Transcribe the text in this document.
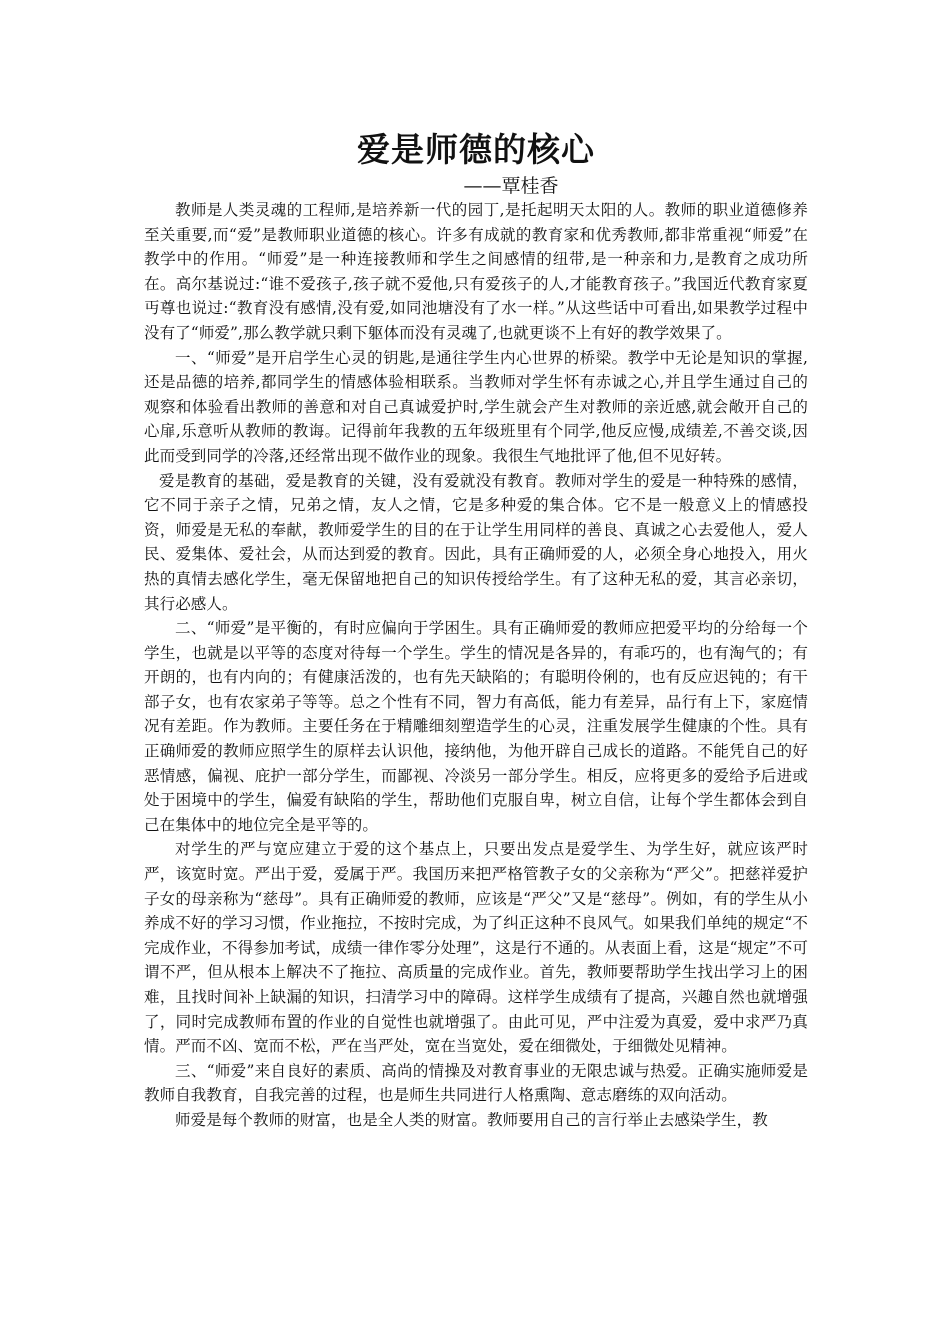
爱是师德的核心
——覃桂香

教师是人类灵魂的工程师,是培养新一代的园丁,是托起明天太阳的人。教师的职业道德修养至关重要,而“爱”是教师职业道德的核心。许多有成就的教育家和优秀教师,都非常重视“师爱”在教学中的作用。“师爱”是一种连接教师和学生之间感情的纽带,是一种亲和力,是教育之成功所在。高尔基说过:“谁不爱孩子,孩子就不爱他,只有爱孩子的人,才能教育孩子。”我国近代教育家夏丏尊也说过:“教育没有感情,没有爱,如同池塘没有了水一样。”从这些话中可看出,如果教学过程中没有了“师爱”,那么教学就只剩下躯体而没有灵魂了,也就更谈不上有好的教学效果了。

一、“师爱”是开启学生心灵的钥匙,是通往学生内心世界的桥梁。教学中无论是知识的掌握,还是品德的培养,都同学生的情感体验相联系。当教师对学生怀有赤诚之心,并且学生通过自己的观察和体验看出教师的善意和对自己真诚爱护时,学生就会产生对教师的亲近感,就会敞开自己的心扉,乐意听从教师的教诲。记得前年我教的五年级班里有个同学,他反应慢,成绩差,不善交谈,因此而受到同学的冷落,还经常出现不做作业的现象。我很生气地批评了他,但不见好转。

爱是教育的基础，爱是教育的关键，没有爱就没有教育。教师对学生的爱是一种特殊的感情，它不同于亲子之情，兄弟之情，友人之情，它是多种爱的集合体。它不是一般意义上的情感投资，师爱是无私的奉献，教师爱学生的目的在于让学生用同样的善良、真诚之心去爱他人，爱人民、爱集体、爱社会，从而达到爱的教育。因此，具有正确师爱的人，必须全身心地投入，用火热的真情去感化学生，毫无保留地把自己的知识传授给学生。有了这种无私的爱，其言必亲切，其行必感人。

二、“师爱”是平衡的，有时应偏向于学困生。具有正确师爱的教师应把爱平均的分给每一个学生，也就是以平等的态度对待每一个学生。学生的情况是各异的，有乖巧的，也有淘气的；有开朗的，也有内向的；有健康活泼的，也有先天缺陷的；有聪明伶俐的，也有反应迟钝的；有干部子女，也有农家弟子等等。总之个性有不同，智力有高低，能力有差异，品行有上下，家庭情况有差距。作为教师。主要任务在于精雕细刻塑造学生的心灵，注重发展学生健康的个性。具有正确师爱的教师应照学生的原样去认识他，接纳他，为他开辟自己成长的道路。不能凭自己的好恶情感，偏视、庇护一部分学生，而鄙视、冷淡另一部分学生。相反，应将更多的爱给予后进或处于困境中的学生，偏爱有缺陷的学生，帮助他们克服自卑，树立自信，让每个学生都体会到自己在集体中的地位完全是平等的。

对学生的严与宽应建立于爱的这个基点上，只要出发点是爱学生、为学生好，就应该严时严，该宽时宽。严出于爱，爱属于严。我国历来把严格管教子女的父亲称为“严父”。把慈祥爱护子女的母亲称为“慈母”。具有正确师爱的教师，应该是“严父”又是“慈母”。例如，有的学生从小养成不好的学习习惯，作业拖拉，不按时完成，为了纠正这种不良风气。如果我们单纯的规定“不完成作业，不得参加考试，成绩一律作零分处理”，这是行不通的。从表面上看，这是“规定”不可谓不严，但从根本上解决不了拖拉、高质量的完成作业。首先，教师要帮助学生找出学习上的困难，且找时间补上缺漏的知识，扫清学习中的障碍。这样学生成绩有了提高，兴趣自然也就增强了，同时完成教师布置的作业的自觉性也就增强了。由此可见，严中注爱为真爱，爱中求严乃真情。严而不凶、宽而不松，严在当严处，宽在当宽处，爱在细微处，于细微处见精神。

三、“师爱”来自良好的素质、高尚的情操及对教育事业的无限忠诚与热爱。正确实施师爱是教师自我教育，自我完善的过程，也是师生共同进行人格熏陶、意志磨练的双向活动。

师爱是每个教师的财富，也是全人类的财富。教师要用自己的言行举止去感染学生，教
